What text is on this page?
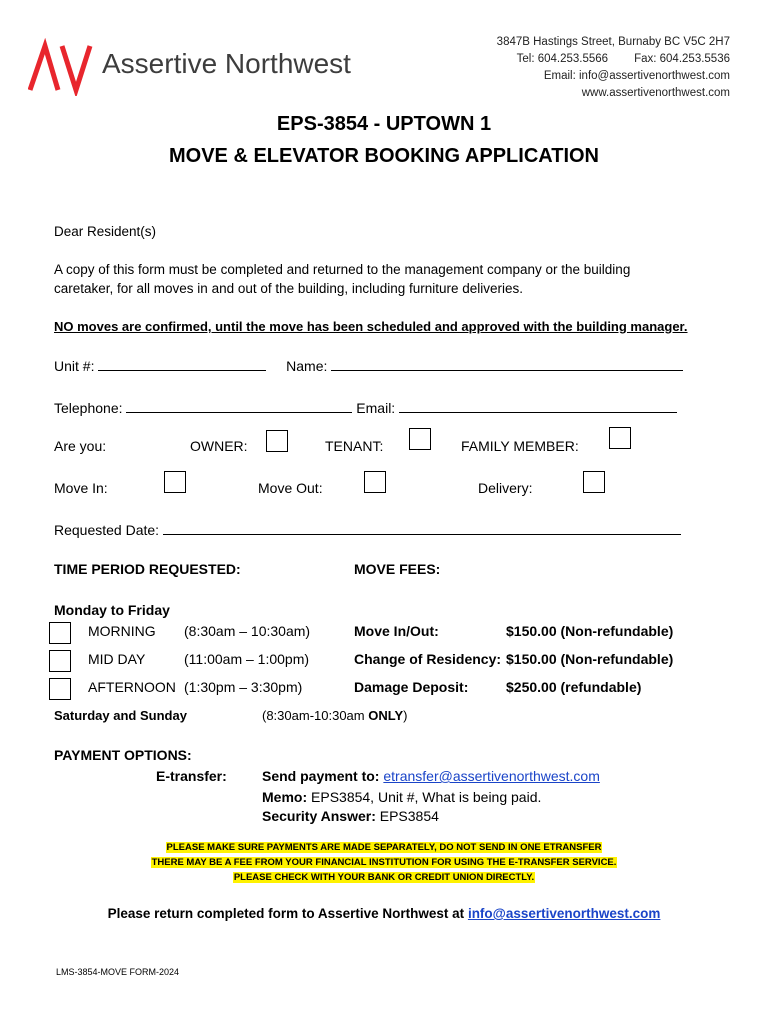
Assertive Northwest
3847B Hastings Street, Burnaby BC V5C 2H7
Tel: 604.253.5566 Fax: 604.253.5536
Email: info@assertivenorthwest.com
www.assertivenorthwest.com
EPS-3854 - UPTOWN 1
MOVE & ELEVATOR BOOKING APPLICATION
Dear Resident(s)
A copy of this form must be completed and returned to the management company or the building caretaker, for all moves in and out of the building, including furniture deliveries.
NO moves are confirmed, until the move has been scheduled and approved with the building manager.
Unit #:	Name:
Telephone:	Email:
Are you:	OWNER:	TENANT:	FAMILY MEMBER:
Move In:	Move Out:	Delivery:
Requested Date:
TIME PERIOD REQUESTED:	MOVE FEES:
Monday to Friday
MORNING (8:30am – 10:30am)	Move In/Out:	$150.00 (Non-refundable)
MID DAY	(11:00am – 1:00pm)	Change of Residency: $150.00 (Non-refundable)
AFTERNOON (1:30pm – 3:30pm)	Damage Deposit:	$250.00 (refundable)
Saturday and Sunday	(8:30am-10:30am ONLY)
PAYMENT OPTIONS:
E-transfer:	Send payment to: etransfer@assertivenorthwest.com
Memo: EPS3854, Unit #, What is being paid.
Security Answer: EPS3854
PLEASE MAKE SURE PAYMENTS ARE MADE SEPARATELY, DO NOT SEND IN ONE ETRANSFER
THERE MAY BE A FEE FROM YOUR FINANCIAL INSTITUTION FOR USING THE E-TRANSFER SERVICE.
PLEASE CHECK WITH YOUR BANK OR CREDIT UNION DIRECTLY.
Please return completed form to Assertive Northwest at info@assertivenorthwest.com
LMS-3854-MOVE FORM-2024
